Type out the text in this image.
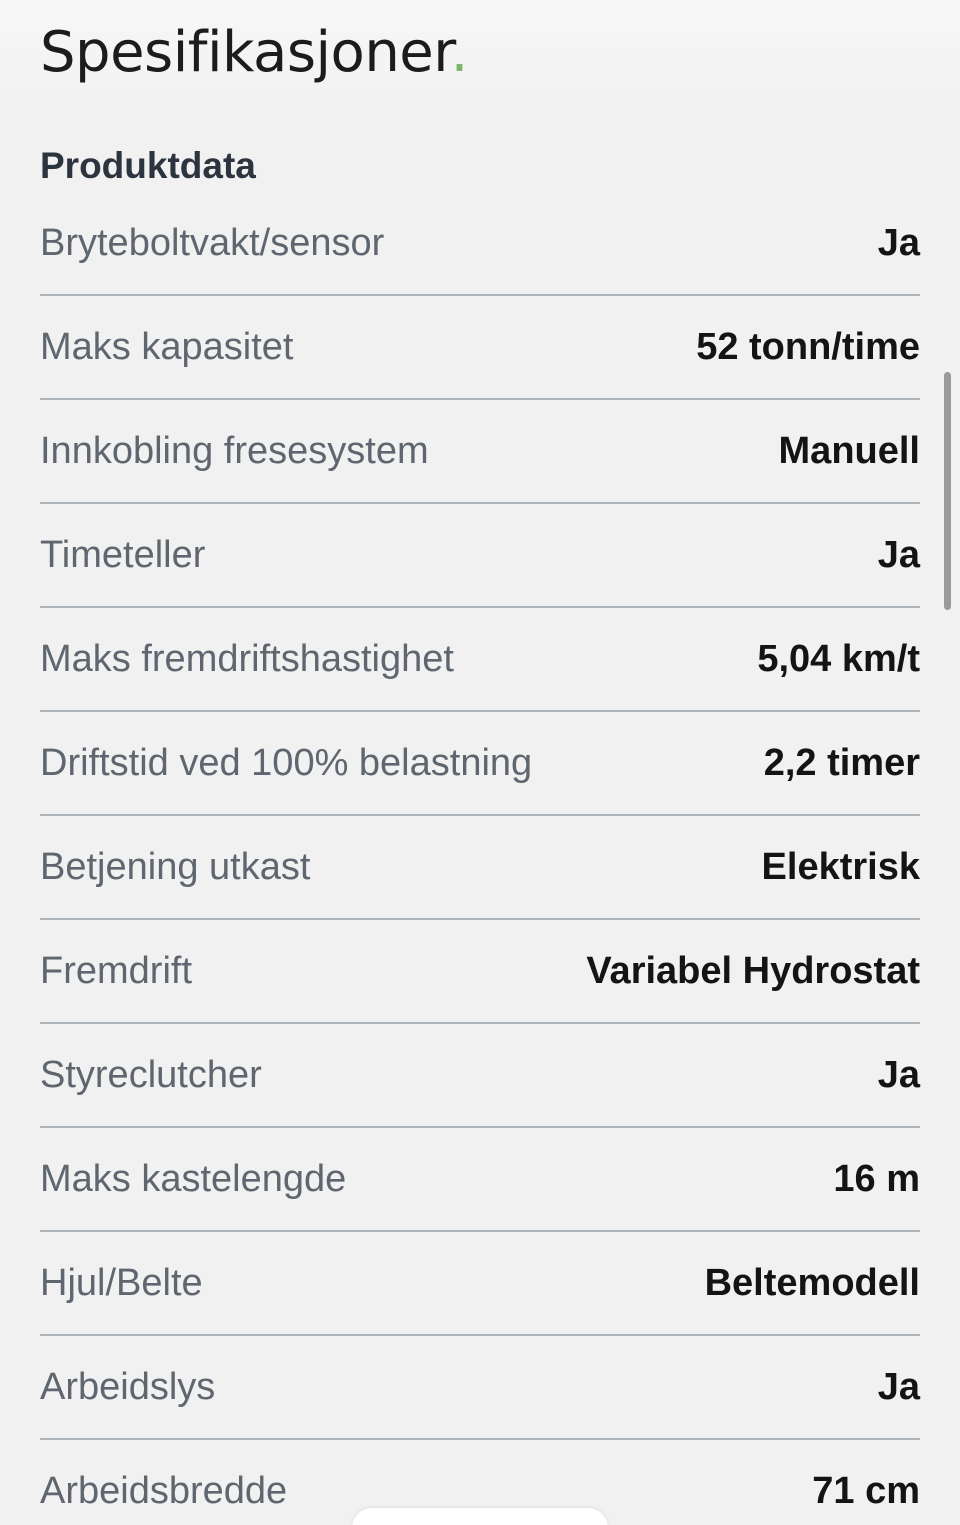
Spesifikasjoner.
Produktdata
Bryteboltvakt/sensor	Ja
Maks kapasitet	52 tonn/time
Innkobling fresesystem	Manuell
Timeteller	Ja
Maks fremdriftshastighet	5,04 km/t
Driftstid ved 100% belastning	2,2 timer
Betjening utkast	Elektrisk
Fremdrift	Variabel Hydrostat
Styreclutcher	Ja
Maks kastelengde	16 m
Hjul/Belte	Beltemodell
Arbeidslys	Ja
Arbeidsbredde	71 cm
